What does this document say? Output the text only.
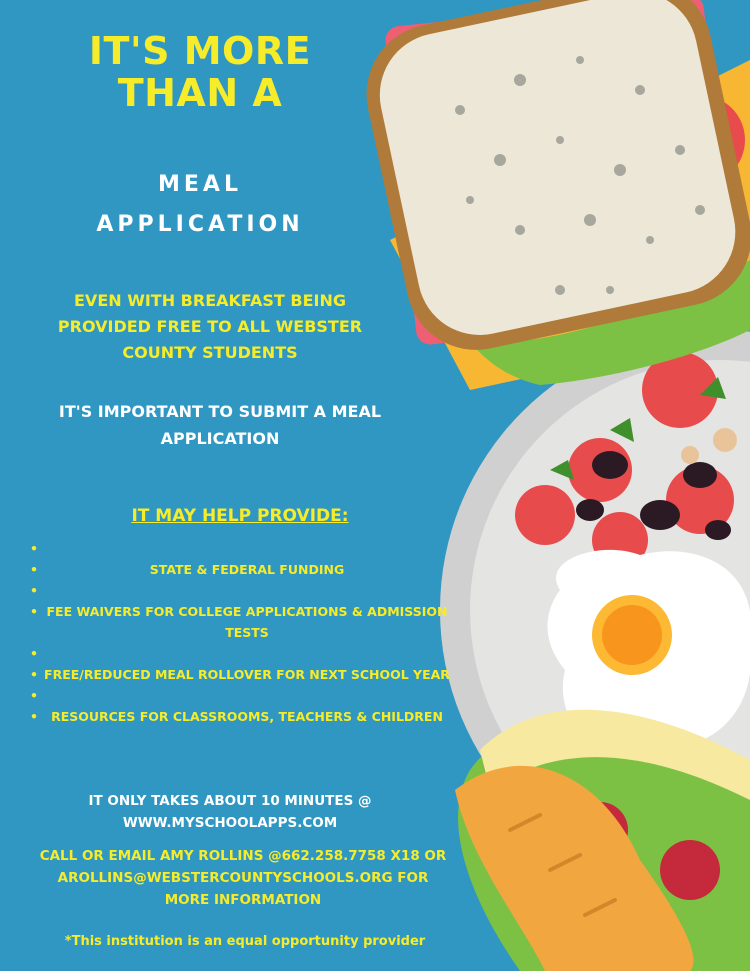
IT'S MORE
THAN A
MEAL
APPLICATION
EVEN WITH BREAKFAST BEING
PROVIDED FREE TO ALL WEBSTER
COUNTY STUDENTS
IT'S IMPORTANT TO SUBMIT A MEAL
APPLICATION
IT MAY HELP PROVIDE:
•
• STATE & FEDERAL FUNDING
•
• FEE WAIVERS FOR COLLEGE APPLICATIONS & ADMISSION TESTS
•
• FREE/REDUCED MEAL ROLLOVER FOR NEXT SCHOOL YEAR
•
• RESOURCES FOR CLASSROOMS, TEACHERS & CHILDREN
IT ONLY TAKES ABOUT 10 MINUTES @
WWW.MYSCHOOLAPPS.COM
CALL OR EMAIL AMY ROLLINS @662.258.7758 X18 OR
AROLLINS@WEBSTERCOUNTYSCHOOLS.ORG FOR
MORE INFORMATION
*This institution is an equal opportunity provider
